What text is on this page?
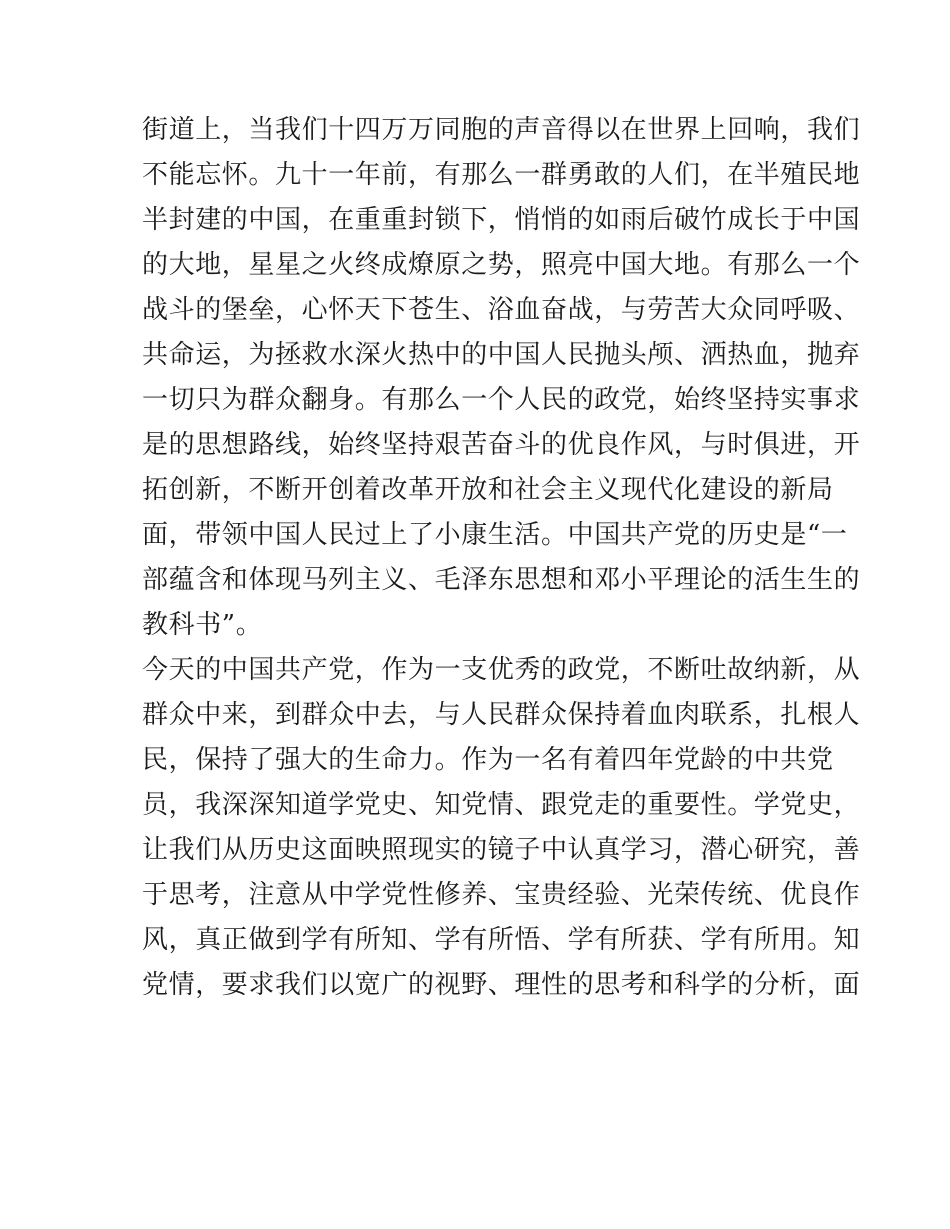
街道上，当我们十四万万同胞的声音得以在世界上回响，我们
不能忘怀。九十一年前，有那么一群勇敢的人们，在半殖民地
半封建的中国，在重重封锁下，悄悄的如雨后破竹成长于中国
的大地，星星之火终成燎原之势，照亮中国大地。有那么一个
战斗的堡垒，心怀天下苍生、浴血奋战，与劳苦大众同呼吸、
共命运，为拯救水深火热中的中国人民抛头颅、洒热血，抛弃
一切只为群众翻身。有那么一个人民的政党，始终坚持实事求
是的思想路线，始终坚持艰苦奋斗的优良作风，与时俱进，开
拓创新，不断开创着改革开放和社会主义现代化建设的新局
面，带领中国人民过上了小康生活。中国共产党的历史是“一
部蕴含和体现马列主义、毛泽东思想和邓小平理论的活生生的
教科书”。
今天的中国共产党，作为一支优秀的政党，不断吐故纳新，从
群众中来，到群众中去，与人民群众保持着血肉联系，扎根人
民，保持了强大的生命力。作为一名有着四年党龄的中共党
员，我深深知道学党史、知党情、跟党走的重要性。学党史，
让我们从历史这面映照现实的镜子中认真学习，潜心研究，善
于思考，注意从中学党性修养、宝贵经验、光荣传统、优良作
风，真正做到学有所知、学有所悟、学有所获、学有所用。知
党情，要求我们以宽广的视野、理性的思考和科学的分析，面
